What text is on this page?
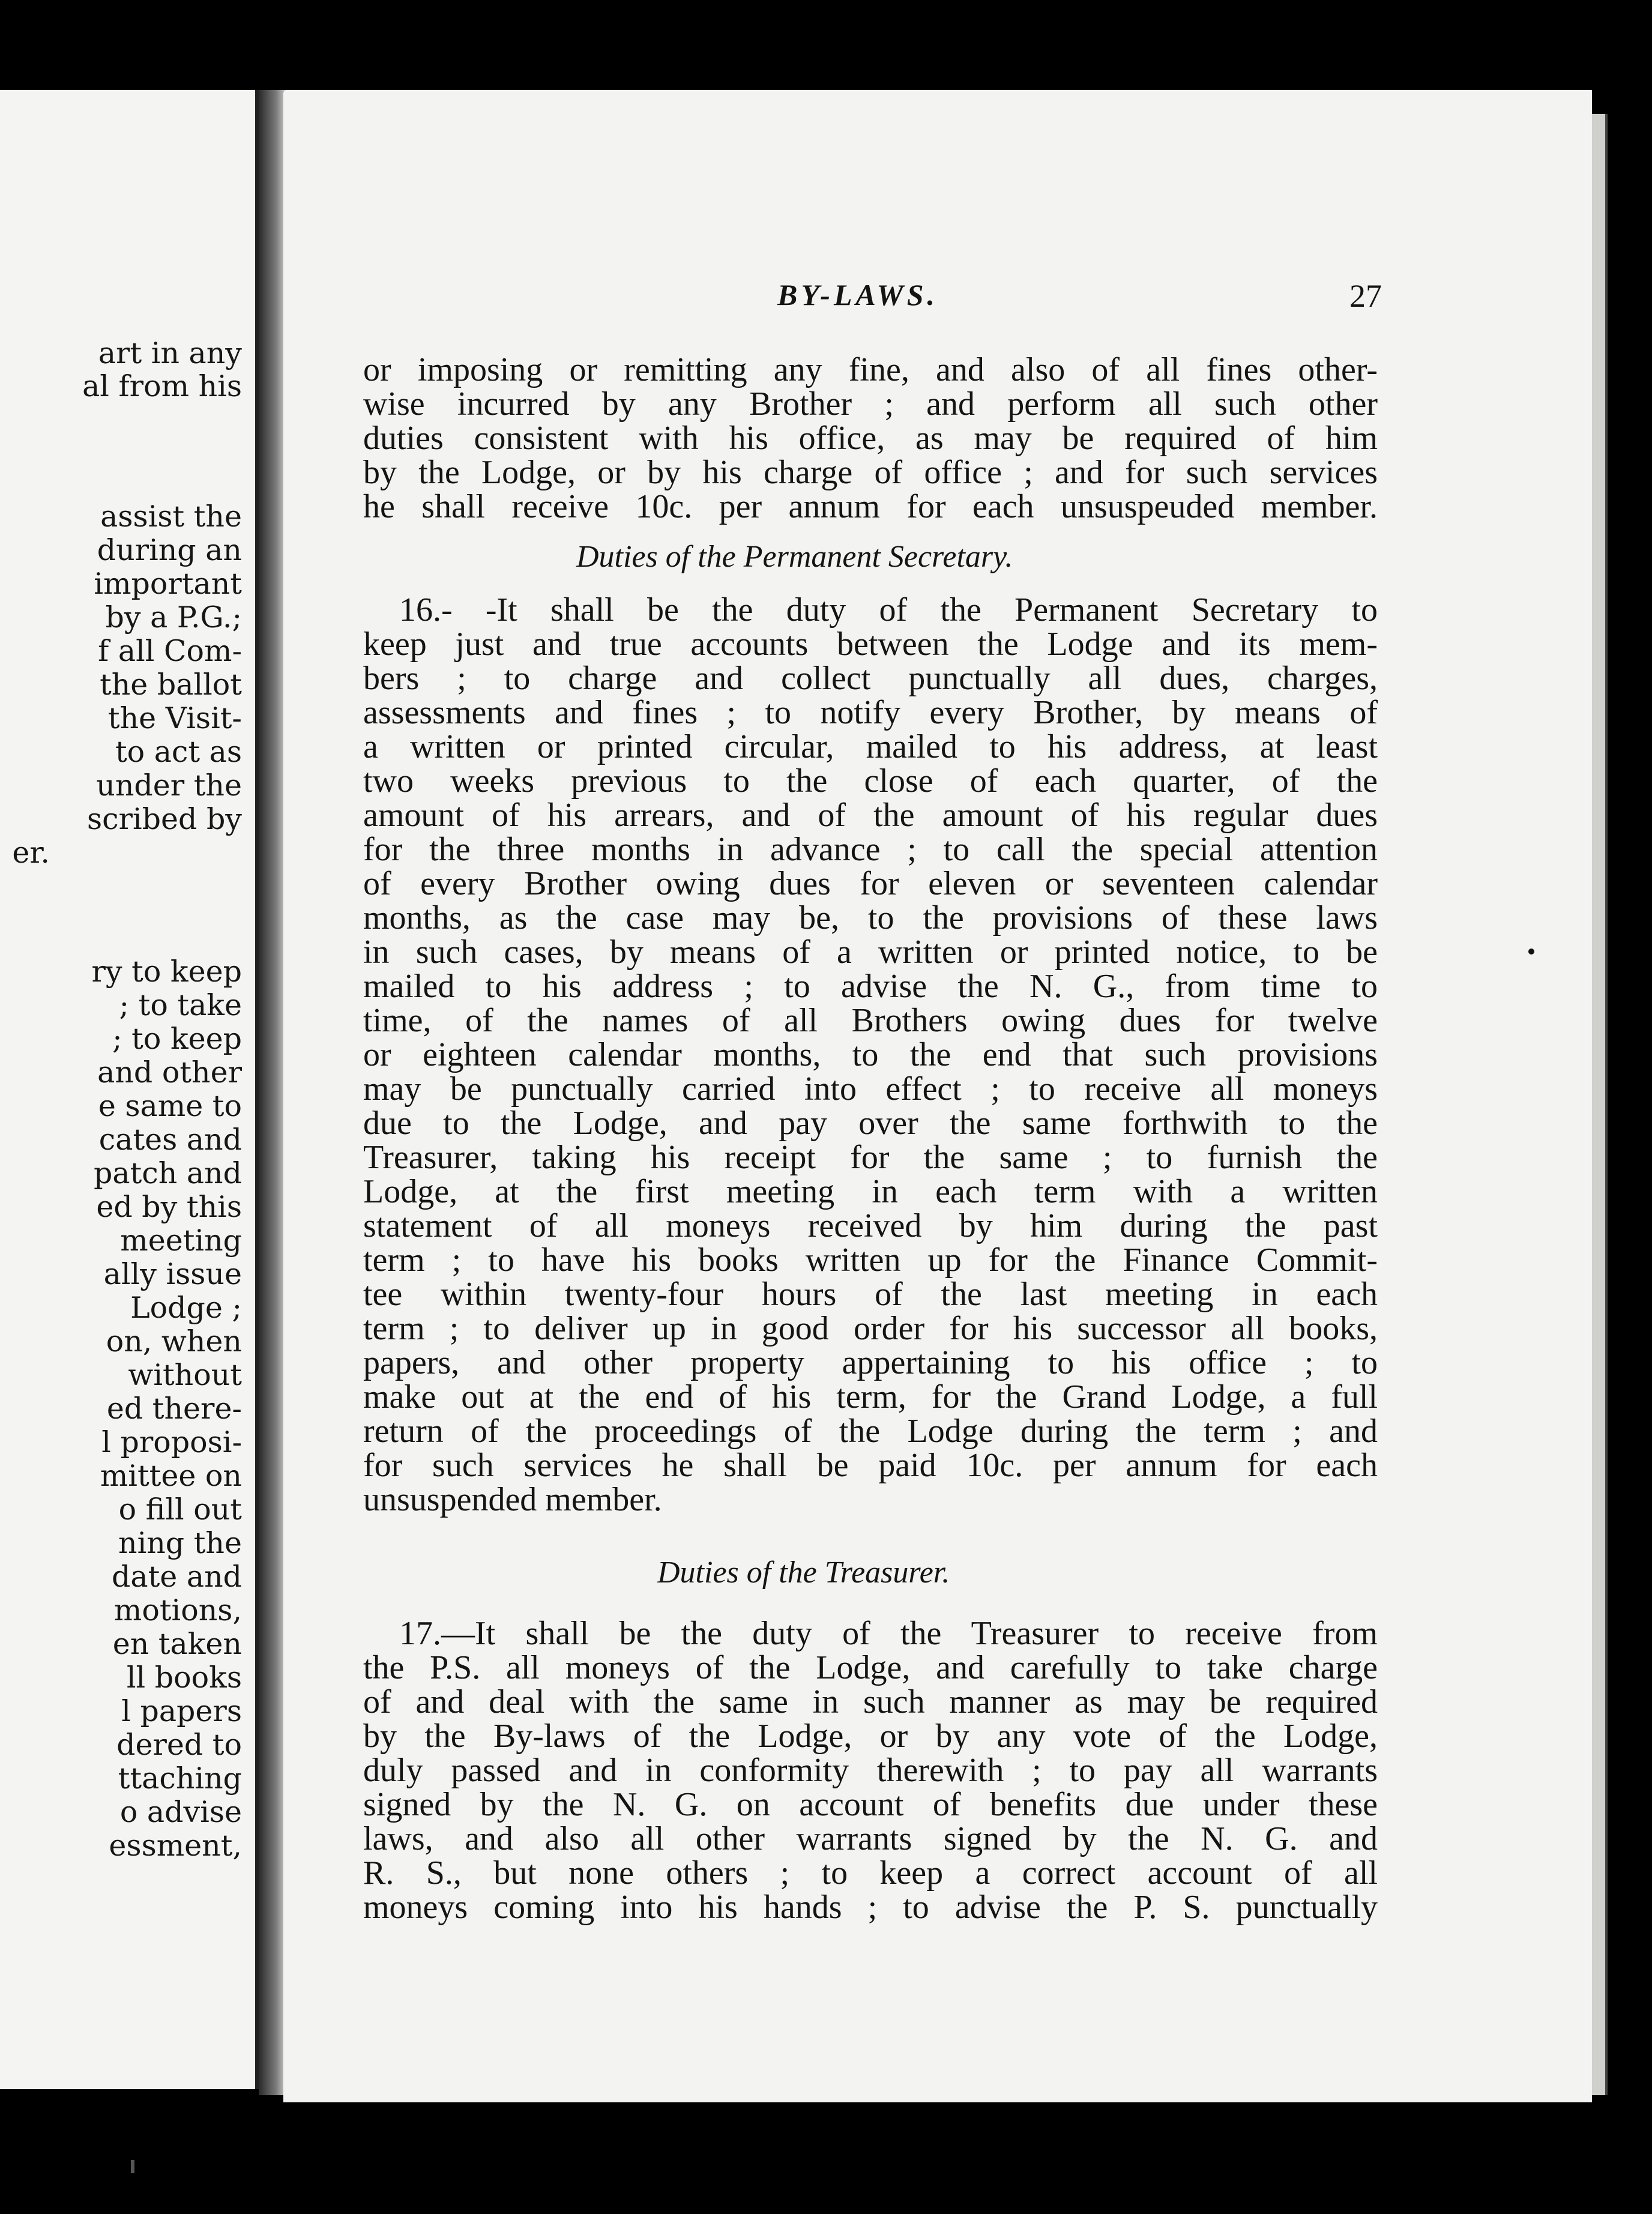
art in any
al from his
assist the
during an
important
by a P.G.;
f all Com-
the ballot
the Visit-
to act as
under the
scribed by
er.
ry to keep
; to take
; to keep
and other
e same to
cates and
patch and
ed by this
meeting
ally issue
Lodge ;
on, when
without
ed there-
l proposi-
mittee on
o fill out
ning the
date and
motions,
en taken
ll books
l papers
dered to
ttaching
o advise
essment,
BY-LAWS.	27
or imposing or remitting any fine, and also of all fines other-
wise incurred by any Brother ; and perform all such other
duties consistent with his office, as may be required of him
by the Lodge, or by his charge of office ; and for such services
he shall receive 10c. per annum for each unsuspeuded member.
Duties of the Permanent Secretary.
16.- -It shall be the duty of the Permanent Secretary to
keep just and true accounts between the Lodge and its mem-
bers ; to charge and collect punctually all dues, charges,
assessments and fines ; to notify every Brother, by means of
a written or printed circular, mailed to his address, at least
two weeks previous to the close of each quarter, of the
amount of his arrears, and of the amount of his regular dues
for the three months in advance ; to call the special attention
of every Brother owing dues for eleven or seventeen calendar
months, as the case may be, to the provisions of these laws
in such cases, by means of a written or printed notice, to be
mailed to his address ; to advise the N. G., from time to
time, of the names of all Brothers owing dues for twelve
or eighteen calendar months, to the end that such provisions
may be punctually carried into effect ; to receive all moneys
due to the Lodge, and pay over the same forthwith to the
Treasurer, taking his receipt for the same ; to furnish the
Lodge, at the first meeting in each term with a written
statement of all moneys received by him during the past
term ; to have his books written up for the Finance Commit-
tee within twenty-four hours of the last meeting in each
term ; to deliver up in good order for his successor all books,
papers, and other property appertaining to his office ; to
make out at the end of his term, for the Grand Lodge, a full
return of the proceedings of the Lodge during the term ; and
for such services he shall be paid 10c. per annum for each
unsuspended member.
Duties of the Treasurer.
17.—It shall be the duty of the Treasurer to receive from
the P.S. all moneys of the Lodge, and carefully to take charge
of and deal with the same in such manner as may be required
by the By-laws of the Lodge, or by any vote of the Lodge,
duly passed and in conformity therewith ; to pay all warrants
signed by the N. G. on account of benefits due under these
laws, and also all other warrants signed by the N. G. and
R. S., but none others ; to keep a correct account of all
moneys coming into his hands ; to advise the P. S. punctually
